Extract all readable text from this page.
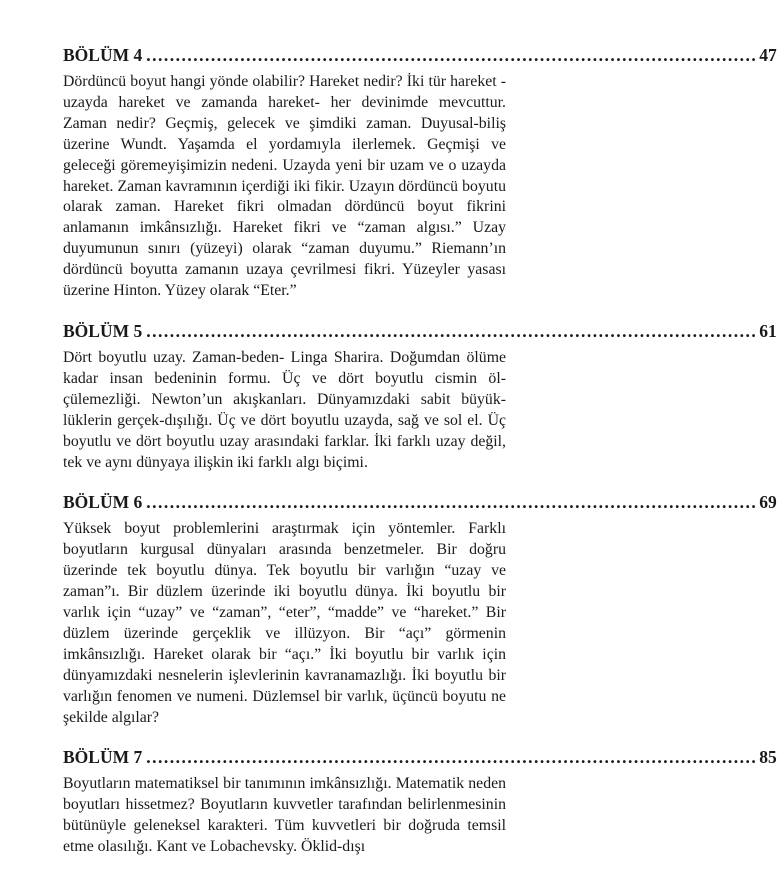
BÖLÜM 4 ........................................................................................................ 47

Dördüncü boyut hangi yönde olabilir? Hareket nedir? İki tür hareket -uzayda hareket ve zamanda hareket- her devinimde mevcuttur. Zaman nedir? Geçmiş, gelecek ve şimdiki zaman. Duyusal-biliş üzerine Wundt. Yaşamda el yordamıyla ilerlemek. Geçmişi ve geleceği göremeyişimizin nedeni. Uzayda yeni bir uzam ve o uzayda hareket. Zaman kavramının içerdiği iki fikir. Uzayın dördüncü boyutu olarak zaman. Hareket fikri olmadan dördüncü boyut fikrini anlamanın imkânsızlığı. Hareket fikri ve “zaman algısı.” Uzay duyumunun sınırı (yüzeyi) olarak “zaman duyumu.” Riemann’ın dördüncü boyutta zamanın uzaya çevrilmesi fikri. Yüzeyler yasası üzerine Hinton. Yüzey olarak “Eter.”

BÖLÜM 5 ........................................................................................................ 61

Dört boyutlu uzay. Zaman-beden- Linga Sharira. Doğumdan ölüme kadar insan bedeninin formu. Üç ve dört boyutlu cismin ölçülemezliği. Newton’un akışkanları. Dünyamızdaki sabit büyüklüklerin gerçek-dışılığı. Üç ve dört boyutlu uzayda, sağ ve sol el. Üç boyutlu ve dört boyutlu uzay arasındaki farklar. İki farklı uzay değil, tek ve aynı dünyaya ilişkin iki farklı algı biçimi.

BÖLÜM 6 ........................................................................................................ 69

Yüksek boyut problemlerini araştırmak için yöntemler. Farklı boyutların kurgusal dünyaları arasında benzetmeler. Bir doğru üzerinde tek boyutlu dünya. Tek boyutlu bir varlığın “uzay ve zaman”ı. Bir düzlem üzerinde iki boyutlu dünya. İki boyutlu bir varlık için “uzay” ve “zaman”, “eter”, “madde” ve “hareket.” Bir düzlem üzerinde gerçeklik ve illüzyon. Bir “açı” görmenin imkânsızlığı. Hareket olarak bir “açı.” İki boyutlu bir varlık için dünyamızdaki nesnelerin işlevlerinin kavranamazlığı. İki boyutlu bir varlığın fenomen ve numeni. Düzlemsel bir varlık, üçüncü boyutu ne şekilde algılar?

BÖLÜM 7 ........................................................................................................ 85

Boyutların matematiksel bir tanımının imkânsızlığı. Matematik neden boyutları hissetmez? Boyutların kuvvetler tarafından belirlenmesinin bütünüyle geleneksel karakteri. Tüm kuvvetleri bir doğruda temsil etme olasılığı. Kant ve Lobachevsky. Öklid-dışı
